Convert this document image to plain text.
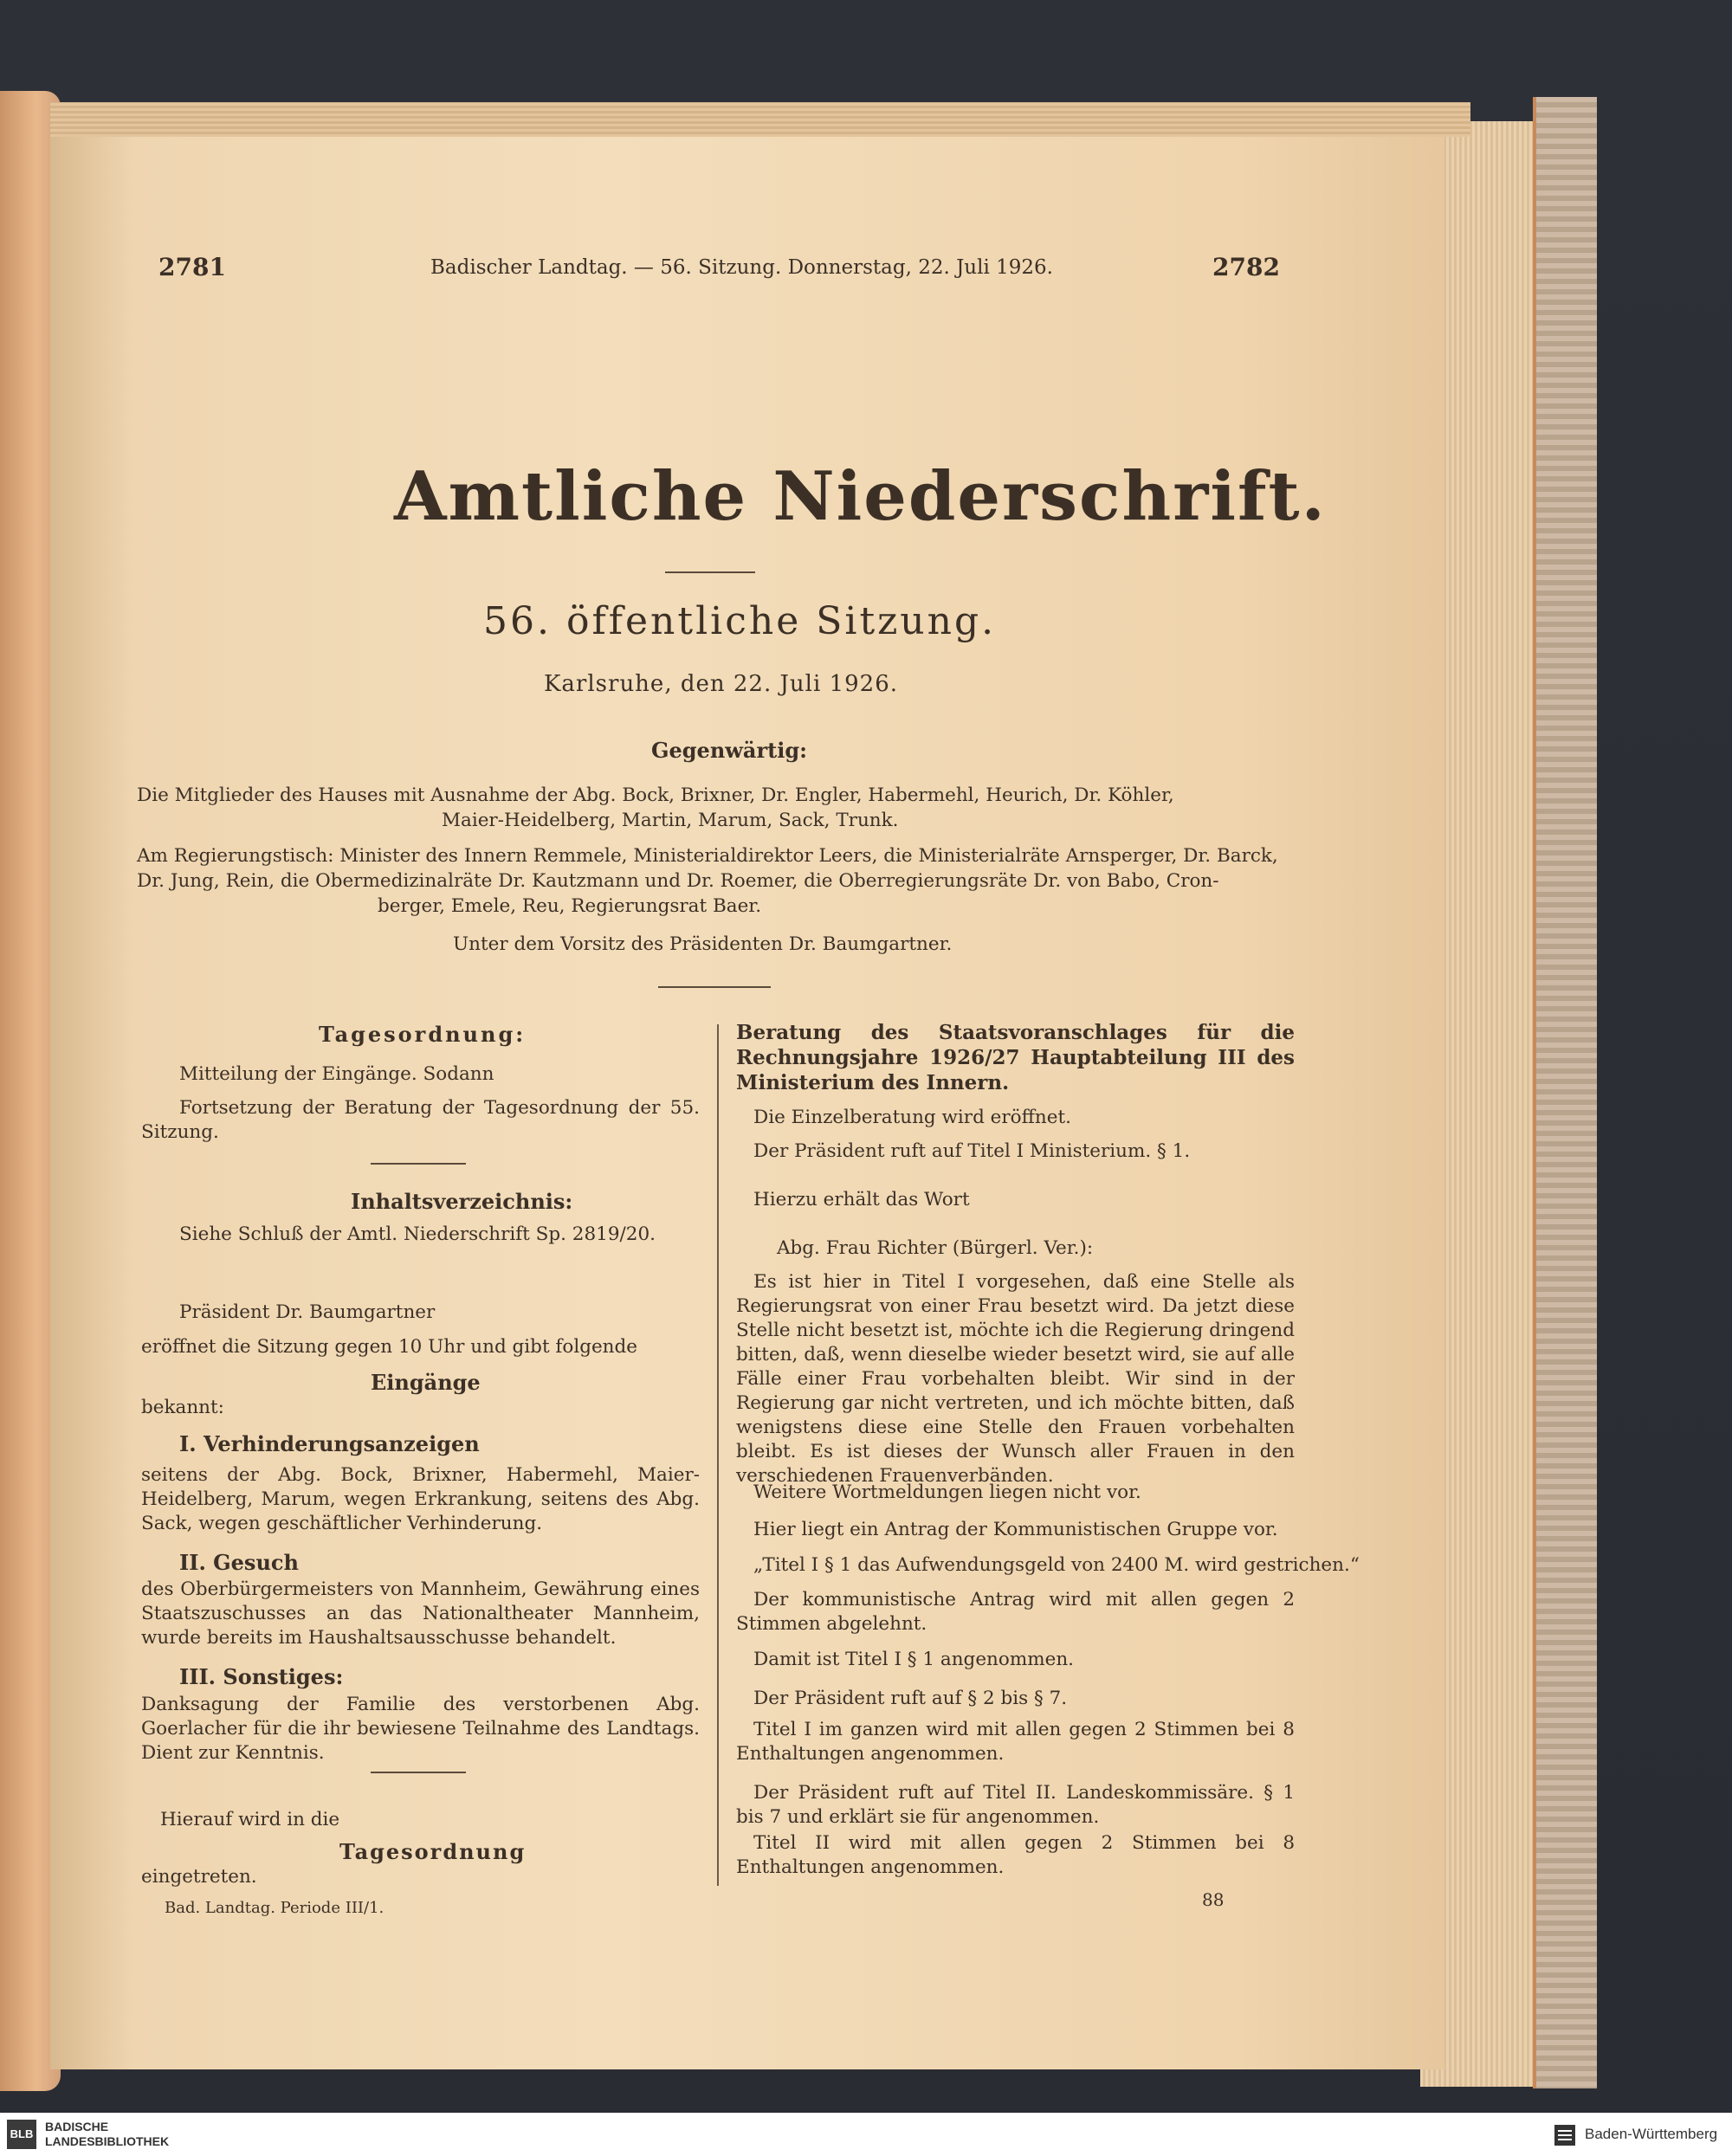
2781	Badischer Landtag. — 56. Sitzung. Donnerstag, 22. Juli 1926.	2782

Amtliche Niederschrift.

56. öffentliche Sitzung.

Karlsruhe, den 22. Juli 1926.

Gegenwärtig:

Die Mitglieder des Hauses mit Ausnahme der Abg. Bock, Brixner, Dr. Engler, Habermehl, Heurich, Dr. Köhler,

Maier-Heidelberg, Martin, Marum, Sack, Trunk.

Am Regierungstisch: Minister des Innern Remmele, Ministerialdirektor Leers, die Ministerialräte Arnsperger, Dr. Barck,

Dr. Jung, Rein, die Obermedizinalräte Dr. Kautzmann und Dr. Roemer, die Oberregierungsräte Dr. von Babo, Cron-

berger, Emele, Reu, Regierungsrat Baer.

Unter dem Vorsitz des Präsidenten Dr. Baumgartner.

Tagesordnung:

Mitteilung der Eingänge. Sodann

Fortsetzung der Beratung der Tagesordnung der 55. Sitzung.

Inhaltsverzeichnis:

Siehe Schluß der Amtl. Niederschrift Sp. 2819/20.

Präsident Dr. Baumgartner

eröffnet die Sitzung gegen 10 Uhr und gibt folgende

Eingänge

bekannt:

I. Verhinderungsanzeigen

seitens der Abg. Bock, Brixner, Habermehl, Maier-Heidelberg, Marum, wegen Erkrankung, seitens des Abg. Sack, wegen geschäftlicher Verhinderung.

II. Gesuch

des Oberbürgermeisters von Mannheim, Gewährung eines Staatszuschusses an das Nationaltheater Mannheim, wurde bereits im Haushaltsausschusse behandelt.

III. Sonstiges:

Danksagung der Familie des verstorbenen Abg. Goerlacher für die ihr bewiesene Teilnahme des Landtags. Dient zur Kenntnis.

Hierauf wird in die

Tagesordnung

eingetreten.

Bad. Landtag. Periode III/1.

Beratung des Staatsvoranschlages für die Rechnungsjahre 1926/27 Hauptabteilung III des Ministerium des Innern.

Die Einzelberatung wird eröffnet.

Der Präsident ruft auf Titel I Ministerium. § 1.

Hierzu erhält das Wort

Abg. Frau Richter (Bürgerl. Ver.):

Es ist hier in Titel I vorgesehen, daß eine Stelle als Regierungsrat von einer Frau besetzt wird. Da jetzt diese Stelle nicht besetzt ist, möchte ich die Regierung dringend bitten, daß, wenn dieselbe wieder besetzt wird, sie auf alle Fälle einer Frau vorbehalten bleibt. Wir sind in der Regierung gar nicht vertreten, und ich möchte bitten, daß wenigstens diese eine Stelle den Frauen vorbehalten bleibt. Es ist dieses der Wunsch aller Frauen in den verschiedenen Frauenverbänden.

Weitere Wortmeldungen liegen nicht vor.

Hier liegt ein Antrag der Kommunistischen Gruppe vor.

„Titel I § 1 das Aufwendungsgeld von 2400 M. wird gestrichen.“

Der kommunistische Antrag wird mit allen gegen 2 Stimmen abgelehnt.

Damit ist Titel I § 1 angenommen.

Der Präsident ruft auf § 2 bis § 7.

Titel I im ganzen wird mit allen gegen 2 Stimmen bei 8 Enthaltungen angenommen.

Der Präsident ruft auf Titel II. Landeskommissäre. § 1 bis 7 und erklärt sie für angenommen.

Titel II wird mit allen gegen 2 Stimmen bei 8 Enthaltungen angenommen.

88

BLB
BADISCHE
LANDESBIBLIOTHEK	Baden-Württemberg
